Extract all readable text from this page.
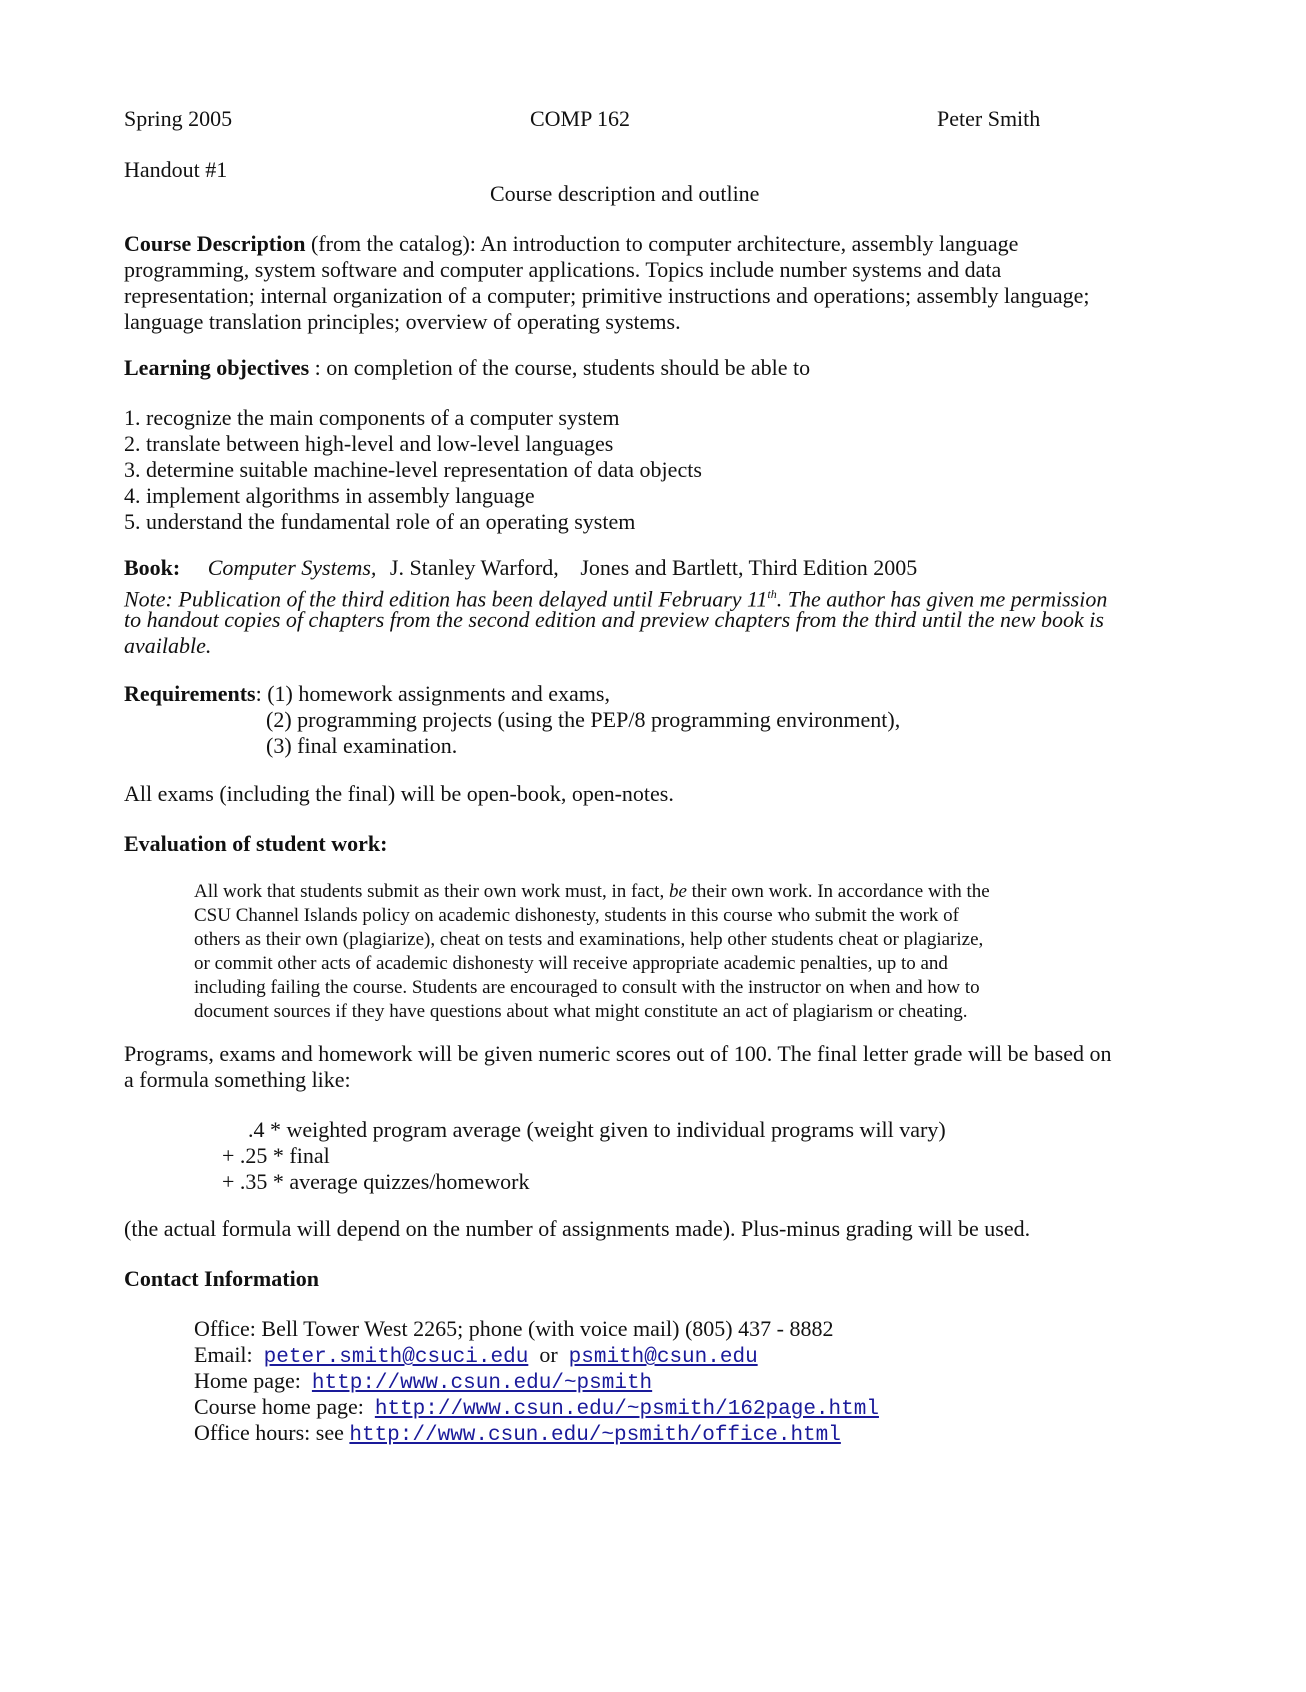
Spring 2005	COMP 162	Peter Smith
Handout #1
Course description and outline
Course Description (from the catalog): An introduction to computer architecture, assembly language
programming, system software and computer applications. Topics include number systems and data
representation; internal organization of a computer; primitive instructions and operations; assembly language;
language translation principles; overview of operating systems.
Learning objectives : on completion of the course, students should be able to
1. recognize the main components of a computer system
2. translate between high-level and low-level languages
3. determine suitable machine-level representation of data objects
4. implement algorithms in assembly language
5. understand the fundamental role of an operating system
Book: Computer Systems, J. Stanley Warford, Jones and Bartlett, Third Edition 2005
Note: Publication of the third edition has been delayed until February 11th. The author has given me permission
to handout copies of chapters from the second edition and preview chapters from the third until the new book is
available.
Requirements: (1) homework assignments and exams,
(2) programming projects (using the PEP/8 programming environment),
(3) final examination.
All exams (including the final) will be open-book, open-notes.
Evaluation of student work:
All work that students submit as their own work must, in fact, be their own work. In accordance with the
CSU Channel Islands policy on academic dishonesty, students in this course who submit the work of
others as their own (plagiarize), cheat on tests and examinations, help other students cheat or plagiarize,
or commit other acts of academic dishonesty will receive appropriate academic penalties, up to and
including failing the course. Students are encouraged to consult with the instructor on when and how to
document sources if they have questions about what might constitute an act of plagiarism or cheating.
Programs, exams and homework will be given numeric scores out of 100. The final letter grade will be based on
a formula something like:
.4 * weighted program average (weight given to individual programs will vary)
+ .25 * final
+ .35 * average quizzes/homework
(the actual formula will depend on the number of assignments made). Plus-minus grading will be used.
Contact Information
Office: Bell Tower West 2265; phone (with voice mail) (805) 437 - 8882
Email:  peter.smith@csuci.edu  or  psmith@csun.edu
Home page:  http://www.csun.edu/~psmith
Course home page:  http://www.csun.edu/~psmith/162page.html
Office hours: see http://www.csun.edu/~psmith/office.html
